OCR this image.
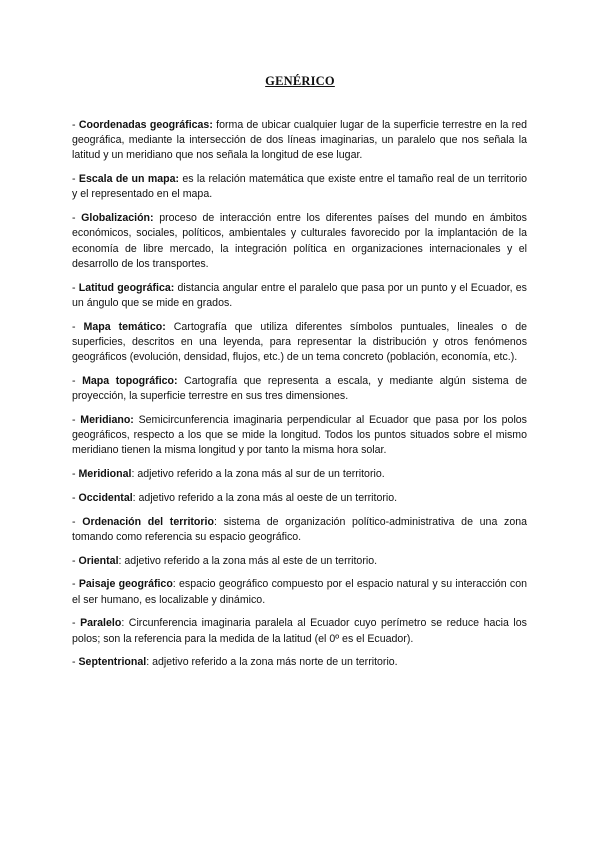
GENÉRICO

- Coordenadas geográficas: forma de ubicar cualquier lugar de la superficie terrestre en la red geográfica, mediante la intersección de dos líneas imaginarias, un paralelo que nos señala la latitud y un meridiano que nos señala la longitud de ese lugar.

- Escala de un mapa: es la relación matemática que existe entre el tamaño real de un territorio y el representado en el mapa.

- Globalización: proceso de interacción entre los diferentes países del mundo en ámbitos económicos, sociales, políticos, ambientales y culturales favorecido por la implantación de la economía de libre mercado, la integración política en organizaciones internacionales y el desarrollo de los transportes.

- Latitud geográfica: distancia angular entre el paralelo que pasa por un punto y el Ecuador, es un ángulo que se mide en grados.

- Mapa temático: Cartografía que utiliza diferentes símbolos puntuales, lineales o de superficies, descritos en una leyenda, para representar la distribución y otros fenómenos geográficos (evolución, densidad, flujos, etc.) de un tema concreto (población, economía, etc.).

- Mapa topográfico: Cartografía que representa a escala, y mediante algún sistema de proyección, la superficie terrestre en sus tres dimensiones.

- Meridiano: Semicircunferencia imaginaria perpendicular al Ecuador que pasa por los polos geográficos, respecto a los que se mide la longitud. Todos los puntos situados sobre el mismo meridiano tienen la misma longitud y por tanto la misma hora solar.

- Meridional: adjetivo referido a la zona más al sur de un territorio.

- Occidental: adjetivo referido a la zona más al oeste de un territorio.

- Ordenación del territorio: sistema de organización político-administrativa de una zona tomando como referencia su espacio geográfico.

- Oriental: adjetivo referido a la zona más al este de un territorio.

- Paisaje geográfico: espacio geográfico compuesto por el espacio natural y su interacción con el ser humano, es localizable y dinámico.

- Paralelo: Circunferencia imaginaria paralela al Ecuador cuyo perímetro se reduce hacia los polos; son la referencia para la medida de la latitud (el 0º es el Ecuador).

- Septentrional: adjetivo referido a la zona más norte de un territorio.
